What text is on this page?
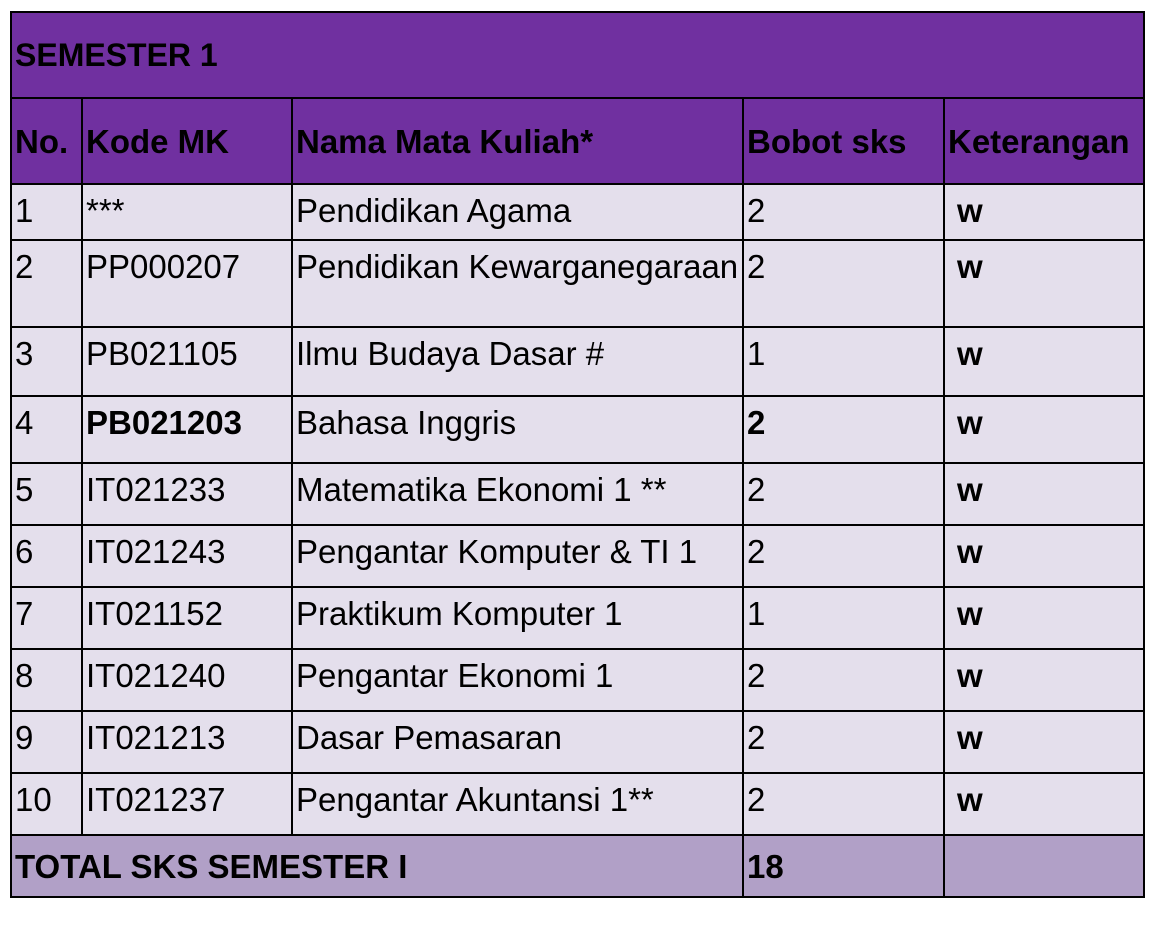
SEMESTER 1				
No.	Kode MK	Nama Mata Kuliah*	Bobot sks	Keterangan
1	***	Pendidikan Agama	2	w
2	PP000207	Pendidikan Kewarganegaraan	2	w
3	PB021105	Ilmu Budaya Dasar #	1	w
4	PB021203	Bahasa Inggris	2	w
5	IT021233	Matematika Ekonomi 1 **	2	w
6	IT021243	Pengantar Komputer & TI 1	2	w
7	IT021152	Praktikum Komputer 1	1	w
8	IT021240	Pengantar Ekonomi 1	2	w
9	IT021213	Dasar Pemasaran	2	w
10	IT021237	Pengantar Akuntansi 1**	2	w
TOTAL SKS SEMESTER I			18	
